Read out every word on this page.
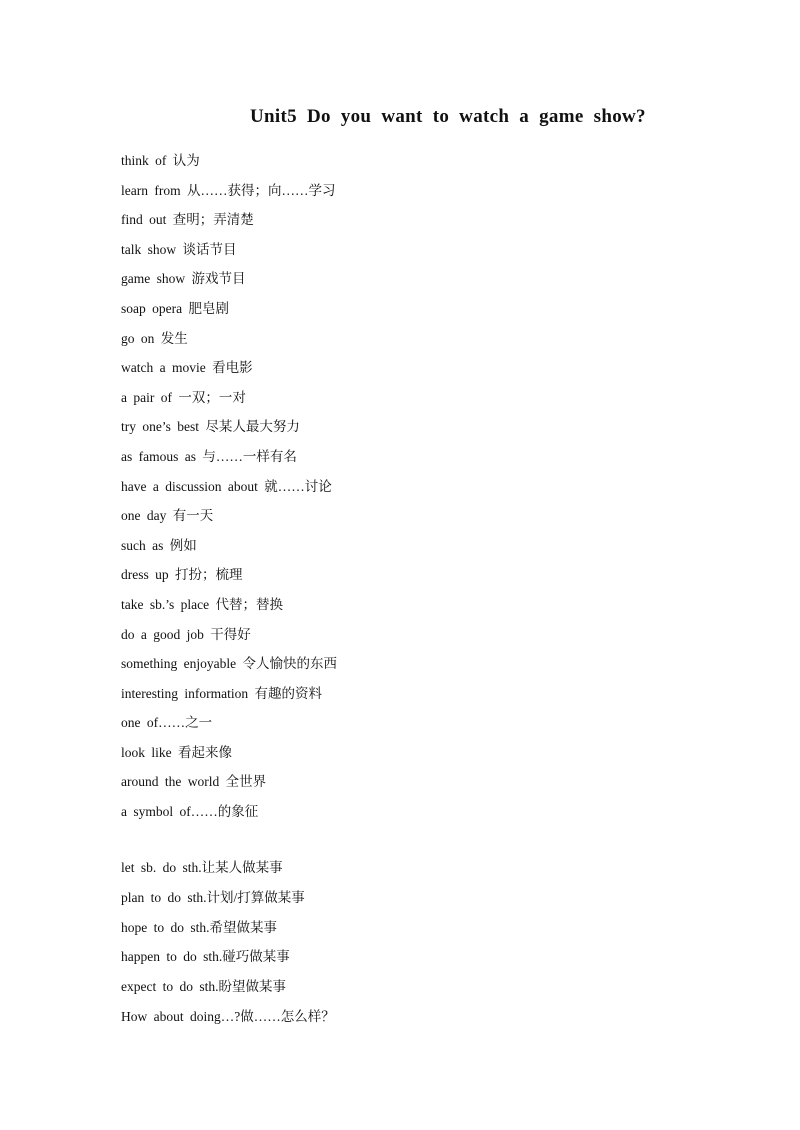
Unit5 Do you want to watch a game show?
think of 认为
learn from 从……获得；向……学习
find out 查明；弄清楚
talk show 谈话节目
game show 游戏节目
soap opera 肥皂剧
go on 发生
watch a movie 看电影
a pair of 一双；一对
try one’s best 尽某人最大努力
as famous as 与……一样有名
have a discussion about 就……讨论
one day 有一天
such as 例如
dress up 打扮；梳理
take sb.’s place 代替；替换
do a good job 干得好
something enjoyable 令人愉快的东西
interesting information 有趣的资料
one of……之一
look like 看起来像
around the world 全世界
a symbol of……的象征
let sb. do sth.让某人做某事
plan to do sth.计划/打算做某事
hope to do sth.希望做某事
happen to do sth.碰巧做某事
expect to do sth.盼望做某事
How about doing…?做……怎么样？
